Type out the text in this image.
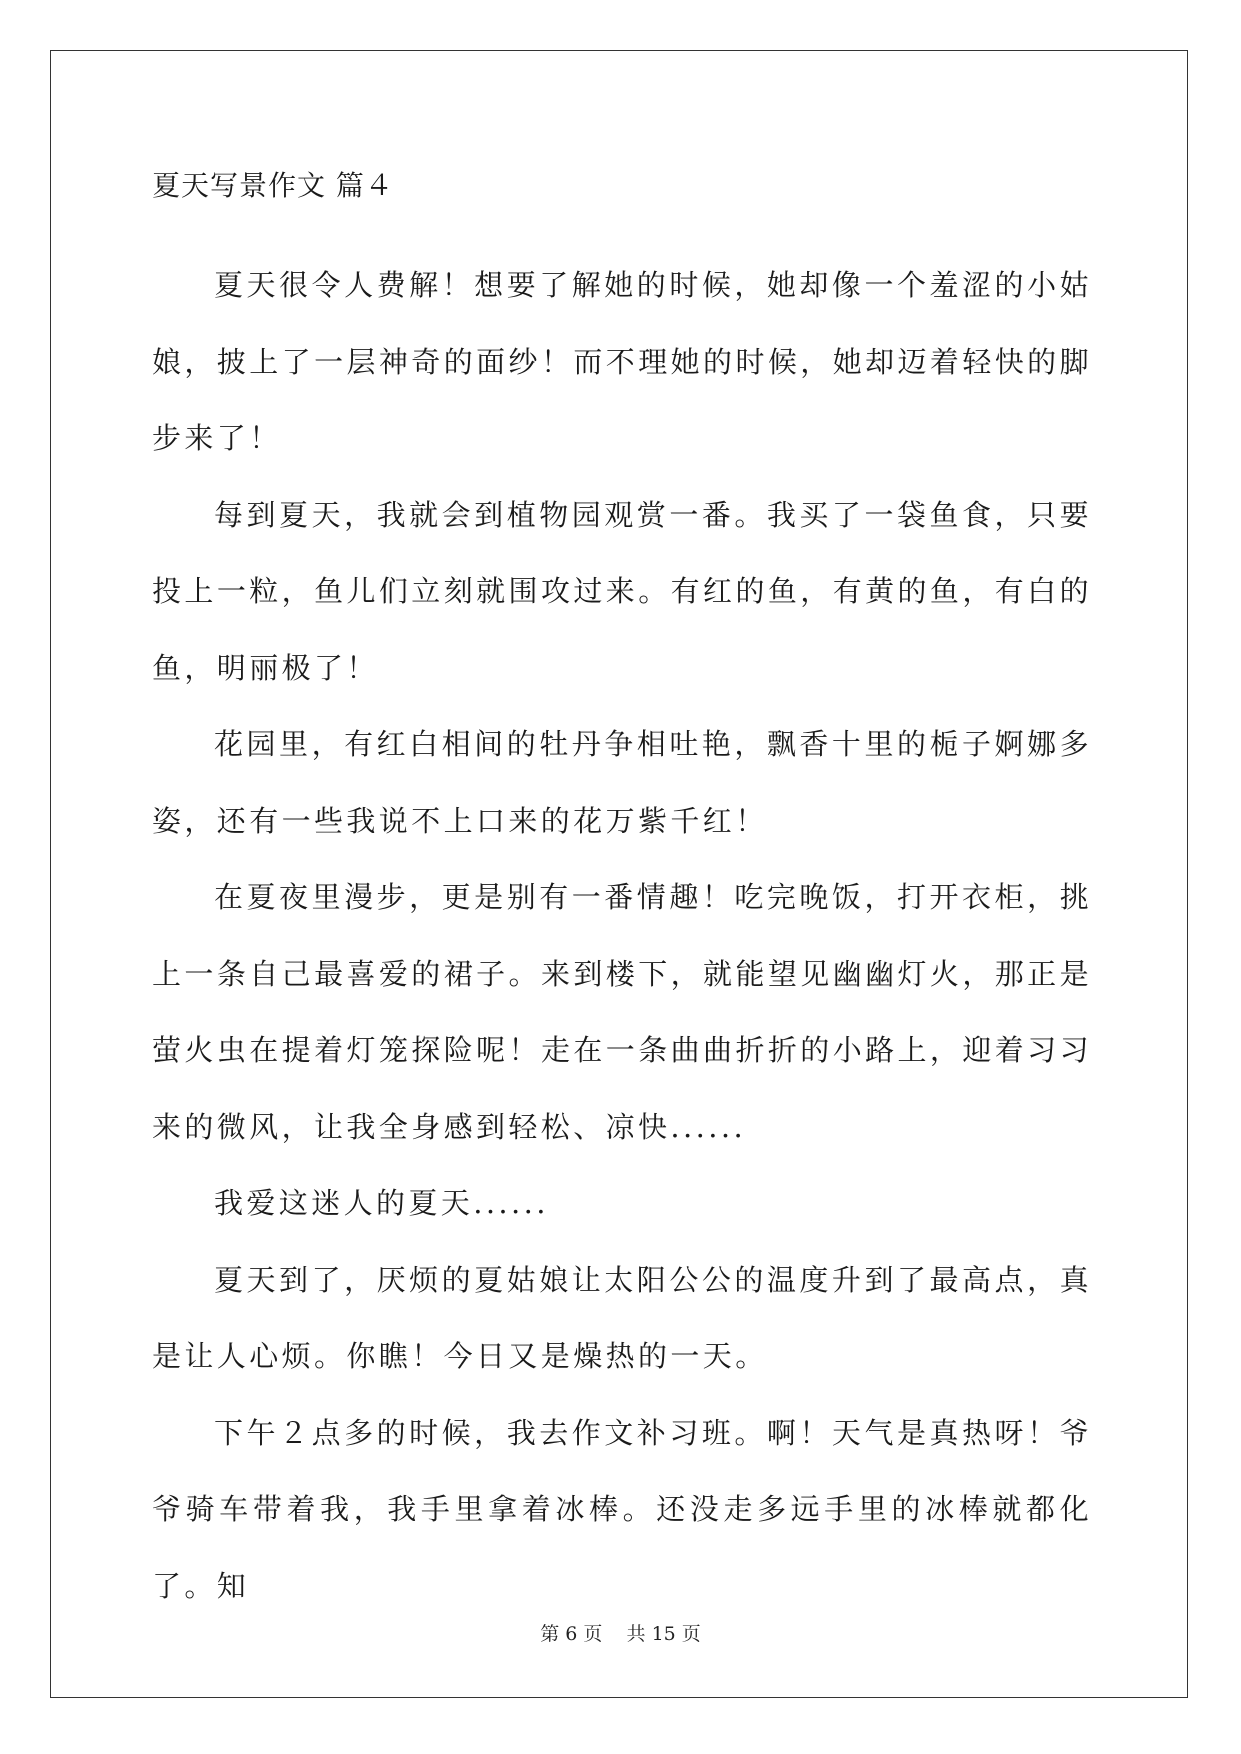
夏天写景作文 篇４

夏天很令人费解！想要了解她的时候，她却像一个羞涩的小姑娘，披上了一层神奇的面纱！而不理她的时候，她却迈着轻快的脚步来了！

每到夏天，我就会到植物园观赏一番。我买了一袋鱼食，只要投上一粒，鱼儿们立刻就围攻过来。有红的鱼，有黄的鱼，有白的鱼，明丽极了！

花园里，有红白相间的牡丹争相吐艳，飘香十里的栀子婀娜多姿，还有一些我说不上口来的花万紫千红！

在夏夜里漫步，更是别有一番情趣！吃完晚饭，打开衣柜，挑上一条自己最喜爱的裙子。来到楼下，就能望见幽幽灯火，那正是萤火虫在提着灯笼探险呢！走在一条曲曲折折的小路上，迎着习习来的微风，让我全身感到轻松、凉快......

我爱这迷人的夏天......

夏天到了，厌烦的夏姑娘让太阳公公的温度升到了最高点，真是让人心烦。你瞧！今日又是燥热的一天。

下午２点多的时候，我去作文补习班。啊！天气是真热呀！爷爷骑车带着我，我手里拿着冰棒。还没走多远手里的冰棒就都化了。知

第 6 页 共 15 页
